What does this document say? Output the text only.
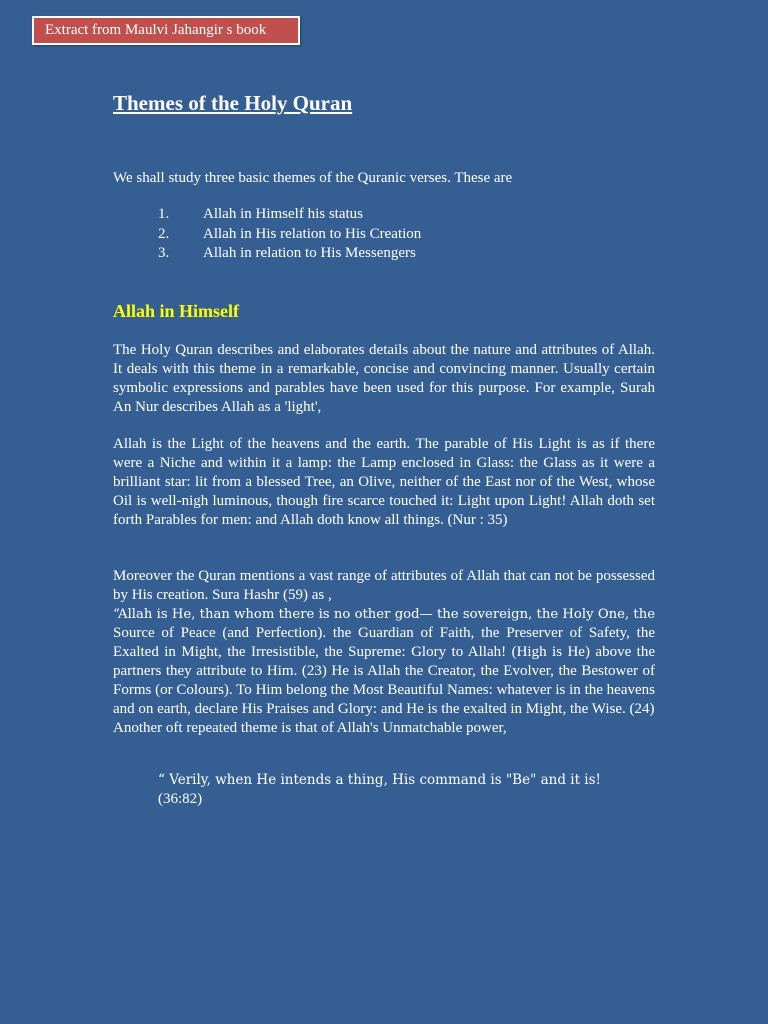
Extract from Maulvi Jahangir s book
Themes of the Holy Quran
We shall study three basic themes of the Quranic verses. These are
1. Allah in Himself his status
2. Allah in His relation to His Creation
3. Allah in relation to His Messengers
Allah in Himself

The Holy Quran describes and elaborates details about the nature and attributes of Allah. It deals with this theme in a remarkable, concise and convincing manner. Usually certain symbolic expressions and parables have been used for this purpose. For example, Surah An Nur describes Allah as a 'light',

Allah is the Light of the heavens and the earth. The parable of His Light is as if there were a Niche and within it a lamp: the Lamp enclosed in Glass: the Glass as it were a brilliant star: lit from a blessed Tree, an Olive, neither of the East nor of the West, whose Oil is well-nigh luminous, though fire scarce touched it: Light upon Light! Allah doth set forth Parables for men: and Allah doth know all things. (Nur : 35)

Moreover the Quran mentions a vast range of attributes of Allah that can not be possessed by His creation. Sura Hashr (59) as ,
“Allah is He, than whom there is no other god— the sovereign, the Holy One, the Source of Peace (and Perfection). the Guardian of Faith, the Preserver of Safety, the Exalted in Might, the Irresistible, the Supreme: Glory to Allah! (High is He) above the partners they attribute to Him. (23) He is Allah the Creator, the Evolver, the Bestower of Forms (or Colours). To Him belong the Most Beautiful Names: whatever is in the heavens and on earth, declare His Praises and Glory: and He is the exalted in Might, the Wise. (24)
Another oft repeated theme is that of Allah's Unmatchable power,
“ Verily, when He intends a thing, His command is "Be" and it is!
(36:82)
